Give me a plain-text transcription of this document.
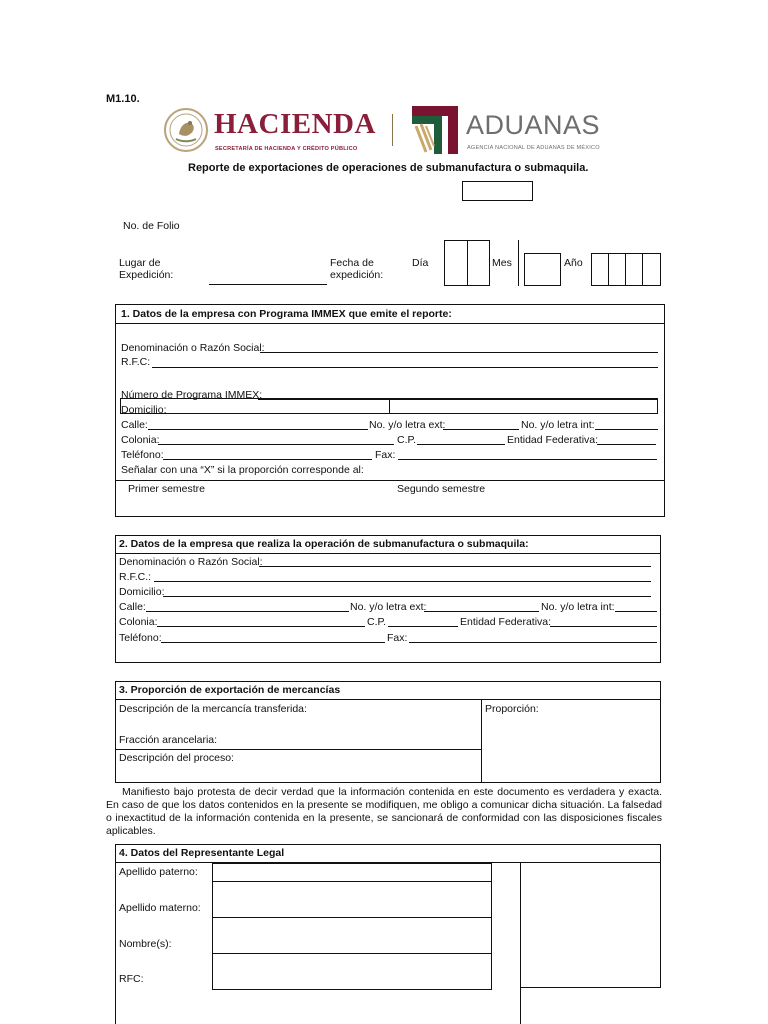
M1.10.
HACIENDA
SECRETARÍA DE HACIENDA Y CRÉDITO PÚBLICO
ADUANAS
AGENCIA NACIONAL DE ADUANAS DE MÉXICO
Reporte de exportaciones de operaciones de submanufactura o submaquila.
No. de Folio
Lugar de
Expedición:
Fecha de
expedición:
Día	Mes	Año
1. Datos de la empresa con Programa IMMEX que emite el reporte:
Denominación o Razón Social:
R.F.C:
Número de Programa IMMEX:
Domicilio:
Calle:	No. y/o letra ext:	No. y/o letra int:
Colonia:	C.P.	Entidad Federativa:
Teléfono:	Fax:
Señalar con una “X” si la proporción corresponde al:
Primer semestre	Segundo semestre
2. Datos de la empresa que realiza la operación de submanufactura o submaquila:
Denominación o Razón Social:
R.F.C.:
Domicilio:
Calle:	No. y/o letra ext:	No. y/o letra int:
Colonia:	C.P.	Entidad Federativa:
Teléfono:	Fax:
3. Proporción de exportación de mercancías
Descripción de la mercancía transferida:	Proporción:
Fracción arancelaria:
Descripción del proceso:
Manifiesto bajo protesta de decir verdad que la información contenida en este documento es verdadera y exacta. En caso de que los datos contenidos en la presente se modifiquen, me obligo a comunicar dicha situación. La falsedad o inexactitud de la información contenida en la presente, se sancionará de conformidad con las disposiciones fiscales aplicables.
4. Datos del Representante Legal
Apellido paterno:
Apellido materno:
Nombre(s):
RFC:
